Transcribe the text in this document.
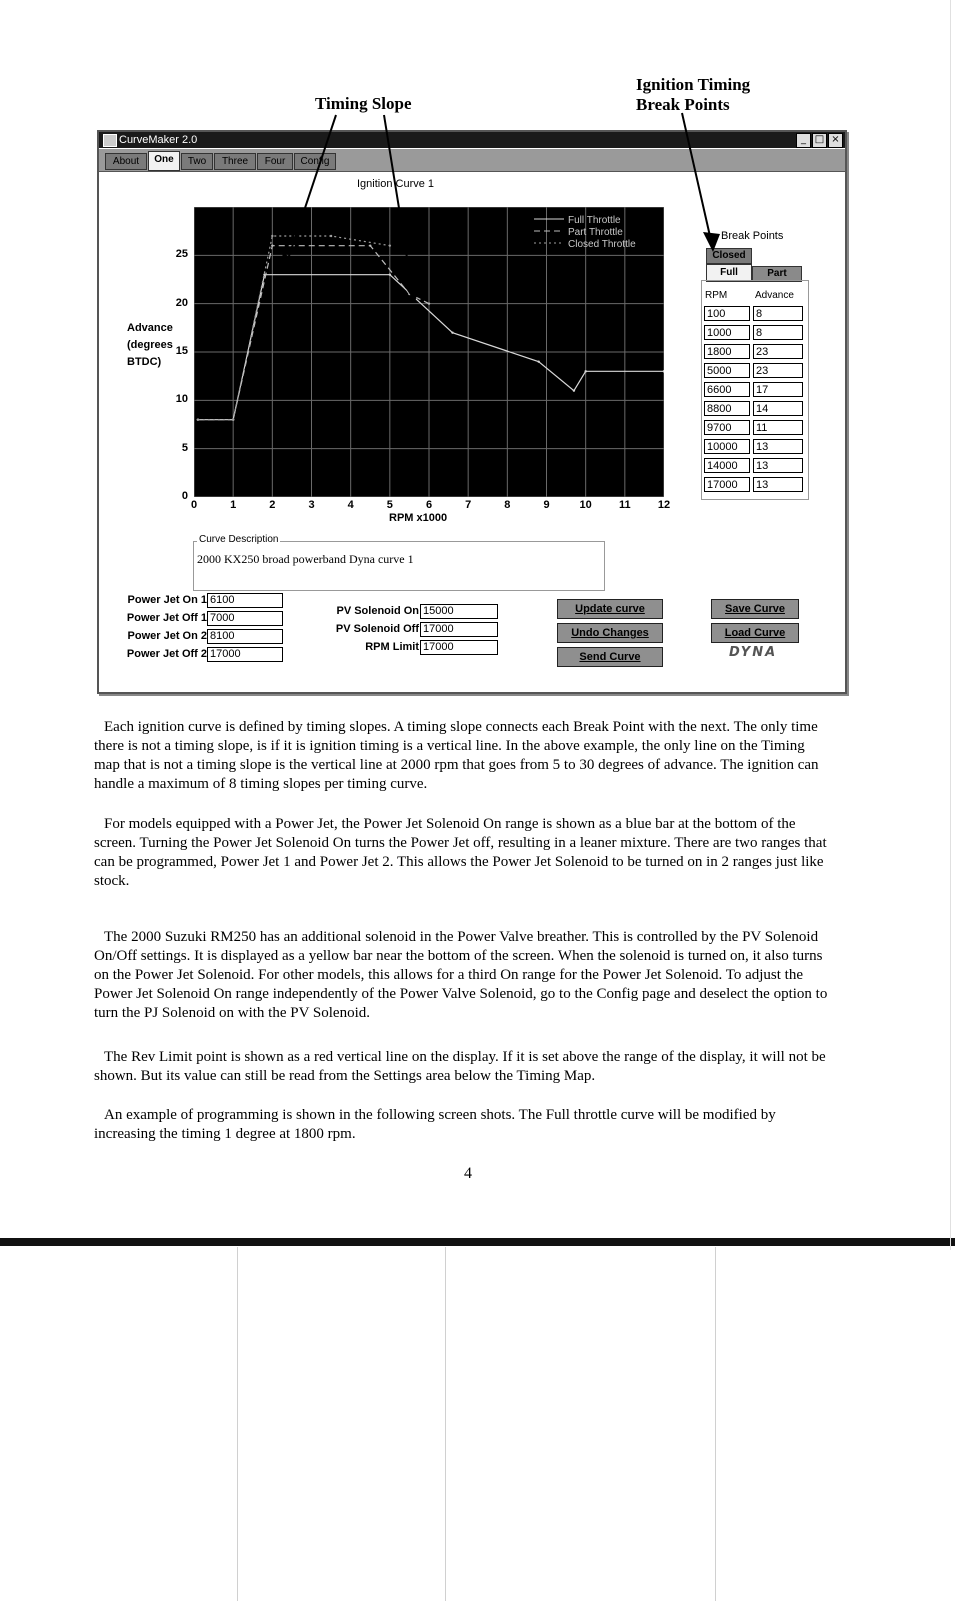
Timing Slope
Ignition Timing
Break Points
CurveMaker 2.0	_ □ ×
About	One	Two	Three	Four	Config
Ignition Curve 1
Advance
(degrees
BTDC)
0
5
10
15
20
25
0	1	2	3	4	5	6	7	8	9	10	11	12
Full Throttle
Part Throttle
Closed Throttle
RPM x1000
Break Points
Closed
Full	Part
RPM	Advance
100	8
1000	8
1800	23
5000	23
6600	17
8800	14
9700	11
10000	13
14000	13
17000	13
Curve Description
2000 KX250 broad powerband Dyna curve 1
Power Jet On 1 6100
Power Jet Off 1 7000
Power Jet On 2 8100
Power Jet Off 2 17000
PV Solenoid On 15000
PV Solenoid Off 17000
RPM Limit 17000
Update curve
Undo Changes
Send Curve
Save Curve
Load Curve
DYNA
Each ignition curve is defined by timing slopes. A timing slope connects each Break Point with the next. The only time there is not a timing slope, is if it is ignition timing is a vertical line. In the above example, the only line on the Timing map that is not a timing slope is the vertical line at 2000 rpm that goes from 5 to 30 degrees of advance. The ignition can handle a maximum of 8 timing slopes per timing curve.
For models equipped with a Power Jet, the Power Jet Solenoid On range is shown as a blue bar at the bottom of the screen. Turning the Power Jet Solenoid On turns the Power Jet off, resulting in a leaner mixture. There are two ranges that can be programmed, Power Jet 1 and Power Jet 2. This allows the Power Jet Solenoid to be turned on in 2 ranges just like stock.
The 2000 Suzuki RM250 has an additional solenoid in the Power Valve breather. This is controlled by the PV Solenoid On/Off settings. It is displayed as a yellow bar near the bottom of the screen. When the solenoid is turned on, it also turns on the Power Jet Solenoid. For other models, this allows for a third On range for the Power Jet Solenoid. To adjust the Power Jet Solenoid On range independently of the Power Valve Solenoid, go to the Config page and deselect the option to turn the PJ Solenoid on with the PV Solenoid.
The Rev Limit point is shown as a red vertical line on the display. If it is set above the range of the display, it will not be shown. But its value can still be read from the Settings area below the Timing Map.
An example of programming is shown in the following screen shots. The Full throttle curve will be modified by increasing the timing 1 degree at 1800 rpm.
4
